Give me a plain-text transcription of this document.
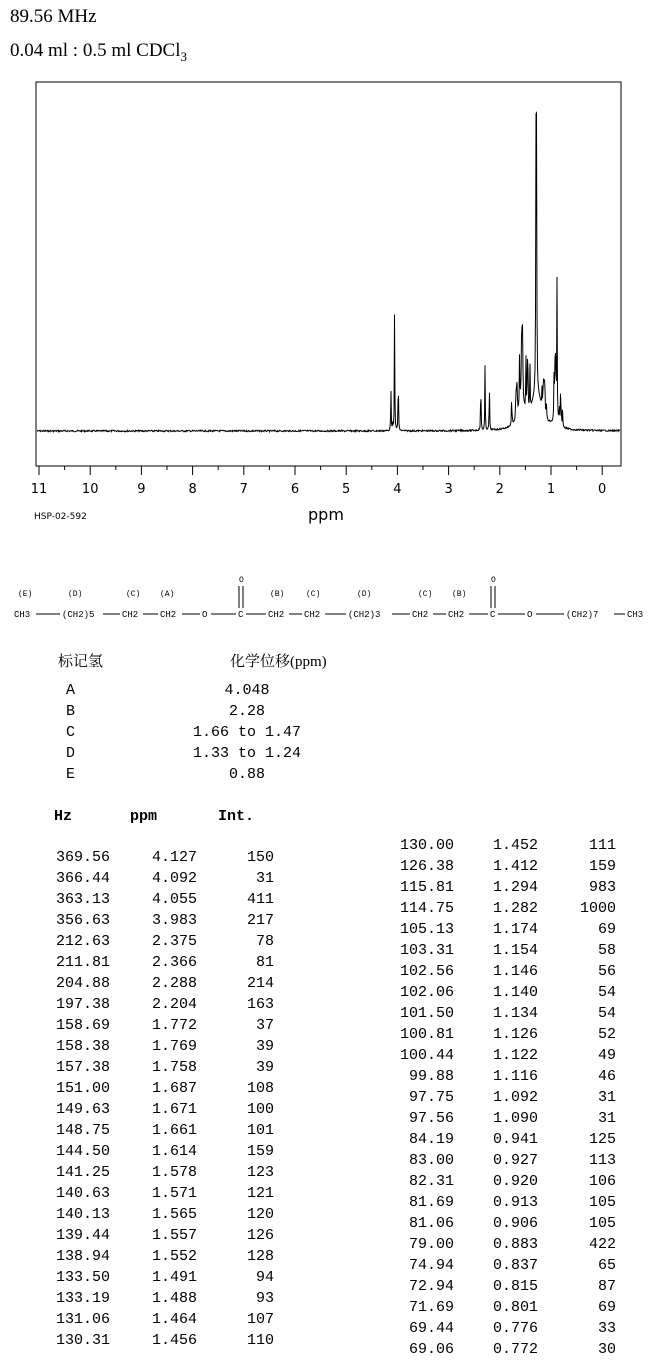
89.56 MHz
0.04 ml : 0.5 ml CDCl$_3$
11	10	9	8	7	6	5	4	3	2	1	0
HSP-02-592	ppm
(E)	(D)	(C) (A)
O
(B)	(C)	(D)	(C) (B)
O
CH3	(CH2)5	CH2 CH2	O	C	CH2 CH2	(CH2)3	CH2 CH2	C	O	(CH2)7	CH3
标记氢	化学位移(ppm)
A	4.048
B	2.28
C	1.66 to 1.47
D	1.33 to 1.24
E	0.88
Hz	ppm	Int.
369.56	4.127	150
366.44	4.092	31
363.13	4.055	411
356.63	3.983	217
212.63	2.375	78
211.81	2.366	81
204.88	2.288	214
197.38	2.204	163
158.69	1.772	37
158.38	1.769	39
157.38	1.758	39
151.00	1.687	108
149.63	1.671	100
148.75	1.661	101
144.50	1.614	159
141.25	1.578	123
140.63	1.571	121
140.13	1.565	120
139.44	1.557	126
138.94	1.552	128
133.50	1.491	94
133.19	1.488	93
131.06	1.464	107
130.31	1.456	110
130.00	1.452	111
126.38	1.412	159
115.81	1.294	983
114.75	1.282	1000
105.13	1.174	69
103.31	1.154	58
102.56	1.146	56
102.06	1.140	54
101.50	1.134	54
100.81	1.126	52
100.44	1.122	49
99.88	1.116	46
97.75	1.092	31
97.56	1.090	31
84.19	0.941	125
83.00	0.927	113
82.31	0.920	106
81.69	0.913	105
81.06	0.906	105
79.00	0.883	422
74.94	0.837	65
72.94	0.815	87
71.69	0.801	69
69.44	0.776	33
69.06	0.772	30
